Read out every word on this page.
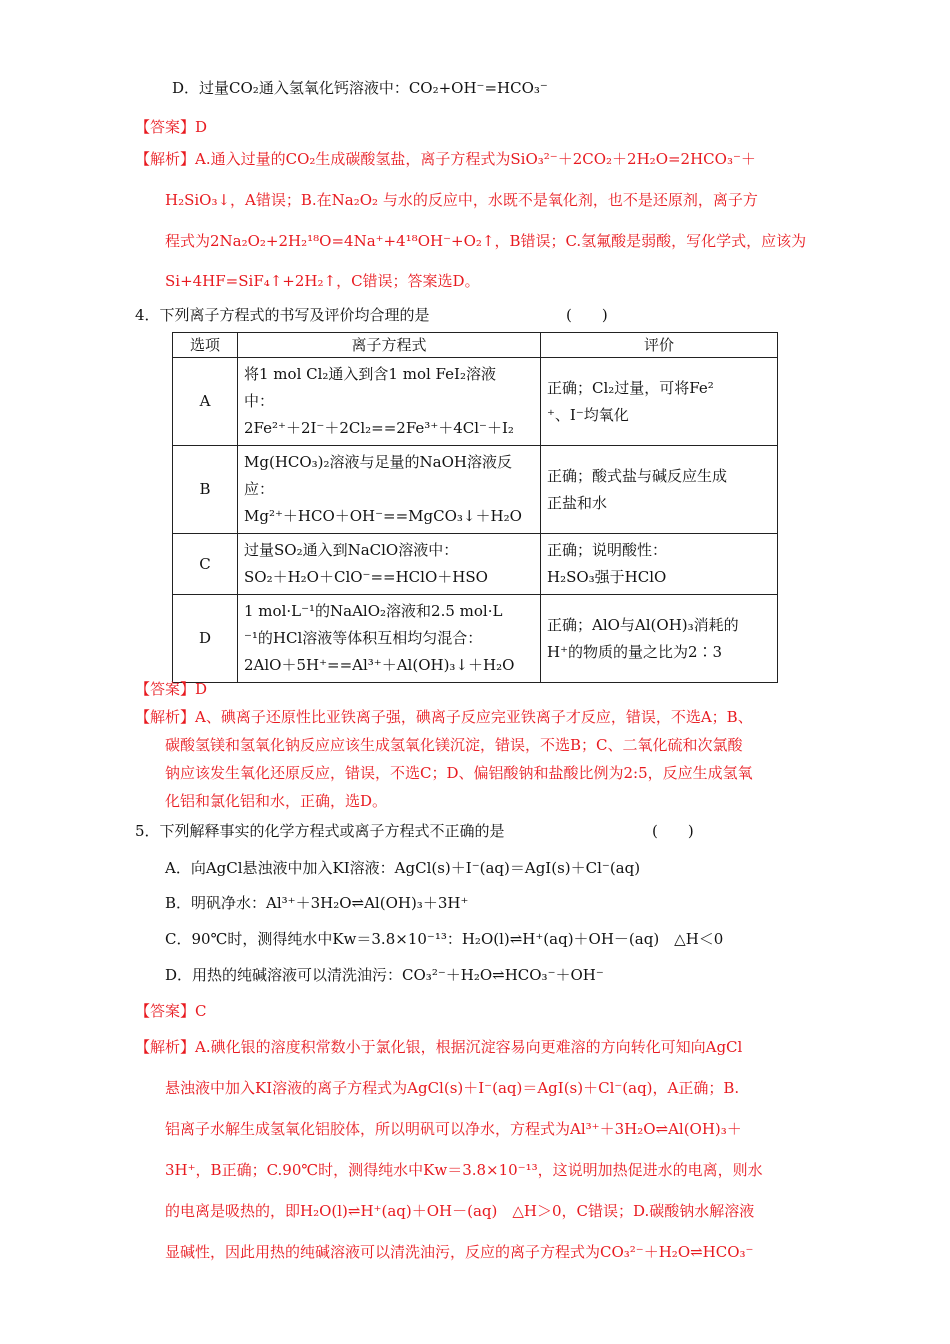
D．过量CO₂通入氢氧化钙溶液中：CO₂+OH⁻=HCO₃⁻
【答案】D
【解析】A.通入过量的CO₂生成碳酸氢盐，离子方程式为SiO₃²⁻＋2CO₂＋2H₂O=2HCO₃⁻＋
H₂SiO₃↓，A错误；B.在Na₂O₂ 与水的反应中，水既不是氧化剂，也不是还原剂，离子方
程式为2Na₂O₂+2H₂¹⁸O=4Na⁺+4¹⁸OH⁻+O₂↑，B错误；C.氢氟酸是弱酸，写化学式，应该为
Si+4HF=SiF₄↑+2H₂↑，C错误；答案选D。
4．下列离子方程式的书写及评价均合理的是	(　　)
选项	离子方程式	评价
A	将1 mol Cl₂通入到含1 mol FeI₂溶液
中：
2Fe²⁺＋2I⁻＋2Cl₂==2Fe³⁺＋4Cl⁻＋I₂	正确；Cl₂过量，可将Fe²
⁺、I⁻均氧化

B	Mg(HCO₃)₂溶液与足量的NaOH溶液反
应：
Mg²⁺＋HCO＋OH⁻==MgCO₃↓＋H₂O	正确；酸式盐与碱反应生成
正盐和水

C	过量SO₂通入到NaClO溶液中：
SO₂＋H₂O＋ClO⁻==HClO＋HSO	正确；说明酸性：
H₂SO₃强于HClO

D	1 mol·L⁻¹的NaAlO₂溶液和2.5 mol·L
⁻¹的HCl溶液等体积互相均匀混合：
2AlO＋5H⁺==Al³⁺＋Al(OH)₃↓＋H₂O	正确；AlO与Al(OH)₃消耗的
H⁺的物质的量之比为2∶3
【答案】D
【解析】A、碘离子还原性比亚铁离子强，碘离子反应完亚铁离子才反应，错误，不选A；B、
碳酸氢镁和氢氧化钠反应应该生成氢氧化镁沉淀，错误，不选B；C、二氧化硫和次氯酸
钠应该发生氧化还原反应，错误，不选C；D、偏铝酸钠和盐酸比例为2:5，反应生成氢氧
化铝和氯化铝和水，正确，选D。
5．下列解释事实的化学方程式或离子方程式不正确的是	(　　)
A．向AgCl悬浊液中加入KI溶液：AgCl(s)＋I⁻(aq)＝AgI(s)＋Cl⁻(aq)
B．明矾净水：Al³⁺＋3H₂O⇌Al(OH)₃＋3H⁺
C．90℃时，测得纯水中Kw＝3.8×10⁻¹³：H₂O(l)⇌H⁺(aq)＋OH－(aq)　△H＜0
D．用热的纯碱溶液可以清洗油污：CO₃²⁻＋H₂O⇌HCO₃⁻＋OH⁻
【答案】C
【解析】A.碘化银的溶度积常数小于氯化银，根据沉淀容易向更难溶的方向转化可知向AgCl
悬浊液中加入KI溶液的离子方程式为AgCl(s)＋I⁻(aq)＝AgI(s)＋Cl⁻(aq)，A正确；B.
铝离子水解生成氢氧化铝胶体，所以明矾可以净水，方程式为Al³⁺＋3H₂O⇌Al(OH)₃＋
3H⁺，B正确；C.90℃时，测得纯水中Kw＝3.8×10⁻¹³，这说明加热促进水的电离，则水
的电离是吸热的，即H₂O(l)⇌H⁺(aq)＋OH－(aq)　△H＞0，C错误；D.碳酸钠水解溶液
显碱性，因此用热的纯碱溶液可以清洗油污，反应的离子方程式为CO₃²⁻＋H₂O⇌HCO₃⁻
